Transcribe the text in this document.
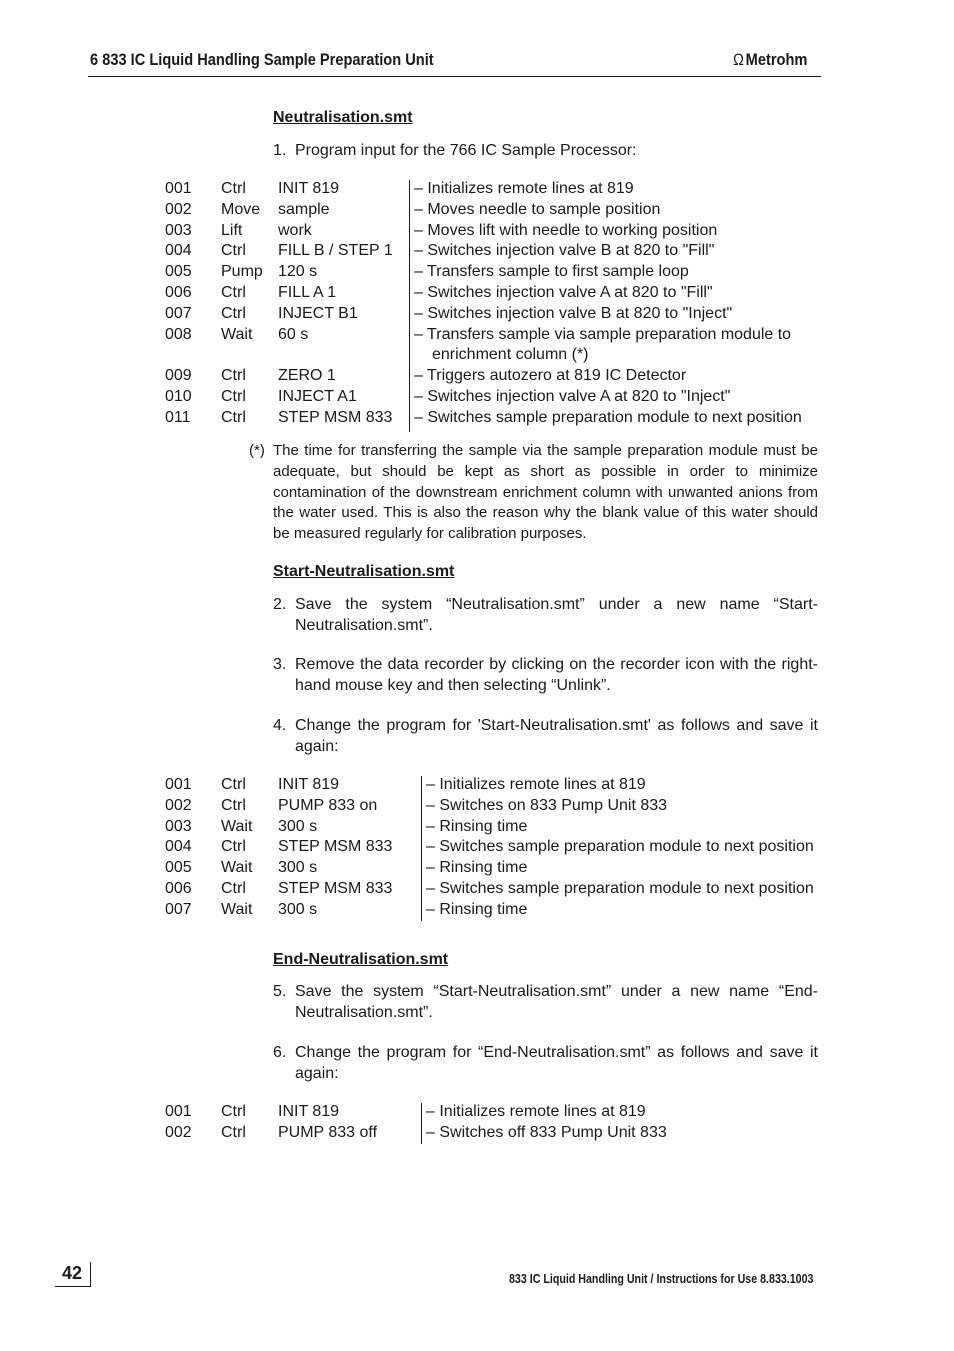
6 833 IC Liquid Handling Sample Preparation Unit	Ω Metrohm
Neutralisation.smt
1. Program input for the 766 IC Sample Processor:
001 Ctrl INIT 819	– Initializes remote lines at 819
002 Move sample	– Moves needle to sample position
003 Lift work	– Moves lift with needle to working position
004 Ctrl FILL B / STEP 1 – Switches injection valve B at 820 to "Fill"
005 Pump 120 s	– Transfers sample to first sample loop
006 Ctrl FILL A 1	– Switches injection valve A at 820 to "Fill"
007 Ctrl INJECT B1	– Switches injection valve B at 820 to "Inject"
008 Wait 60 s	– Transfers sample via sample preparation module to
enrichment column (*)
009 Ctrl ZERO 1	– Triggers autozero at 819 IC Detector
010 Ctrl INJECT A1	– Switches injection valve A at 820 to "Inject"
011 Ctrl STEP MSM 833 – Switches sample preparation module to next position
(*) The time for transferring the sample via the sample preparation module must be adequate, but should be kept as short as possible in order to minimize contamination of the downstream enrichment column with unwanted anions from the water used. This is also the reason why the blank value of this water should be measured regularly for calibration purposes.
Start-Neutralisation.smt
2. Save the system “Neutralisation.smt” under a new name “Start-Neutralisation.smt”.
3. Remove the data recorder by clicking on the recorder icon with the right-hand mouse key and then selecting “Unlink”.
4. Change the program for 'Start-Neutralisation.smt' as follows and save it again:
001 Ctrl INIT 819	– Initializes remote lines at 819
002 Ctrl PUMP 833 on	– Switches on 833 Pump Unit 833
003 Wait 300 s	– Rinsing time
004 Ctrl STEP MSM 833 – Switches sample preparation module to next position
005 Wait 300 s	– Rinsing time
006 Ctrl STEP MSM 833 – Switches sample preparation module to next position
007 Wait 300 s	– Rinsing time
End-Neutralisation.smt
5. Save the system “Start-Neutralisation.smt” under a new name “End-Neutralisation.smt”.
6. Change the program for “End-Neutralisation.smt” as follows and save it again:
001 Ctrl INIT 819	– Initializes remote lines at 819
002 Ctrl PUMP 833 off	– Switches off 833 Pump Unit 833
42	833 IC Liquid Handling Unit / Instructions for Use 8.833.1003
